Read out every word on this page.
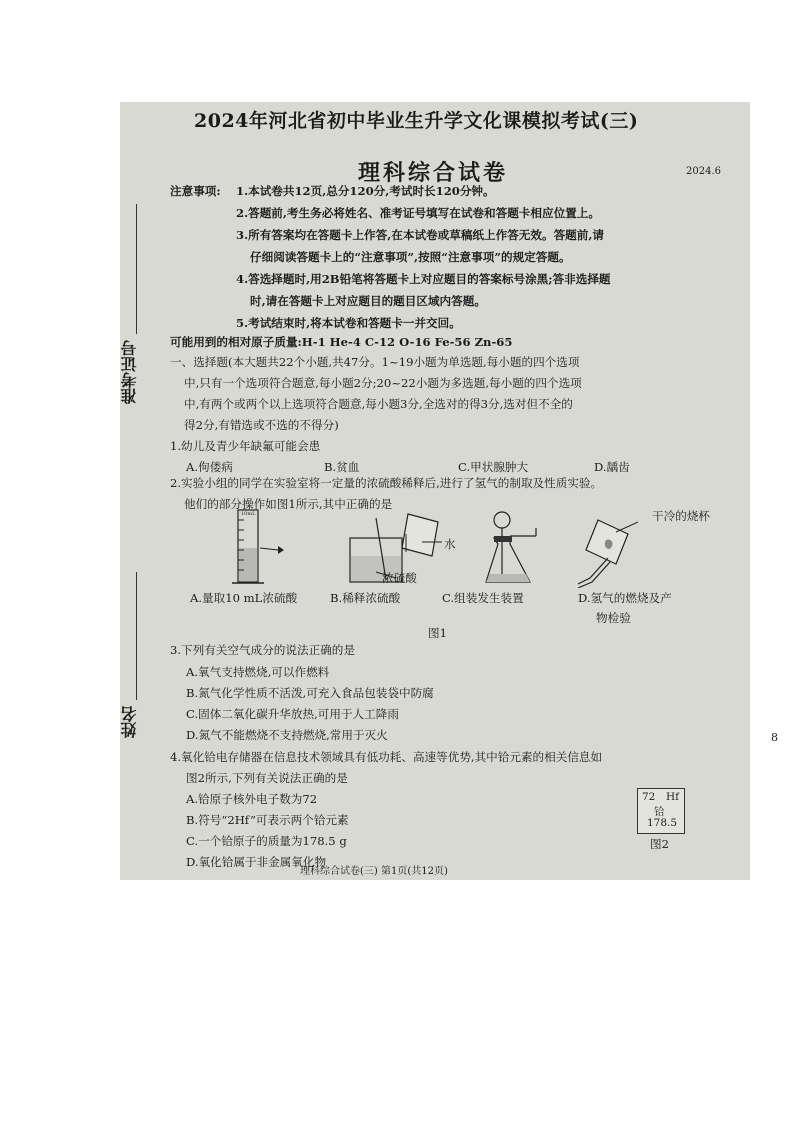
2024年河北省初中毕业生升学文化课模拟考试(三)
理科综合试卷	2024.6
准考证号
姓名
注意事项: 1.本试卷共12页,总分120分,考试时长120分钟。
2.答题前,考生务必将姓名、准考证号填写在试卷和答题卡相应位置上。
3.所有答案均在答题卡上作答,在本试卷或草稿纸上作答无效。答题前,请
仔细阅读答题卡上的“注意事项”,按照“注意事项”的规定答题。
4.答选择题时,用2B铅笔将答题卡上对应题目的答案标号涂黑;答非选择题
时,请在答题卡上对应题目的题目区域内答题。
5.考试结束时,将本试卷和答题卡一并交回。
可能用到的相对原子质量:H-1 He-4 C-12 O-16 Fe-56 Zn-65
一、选择题(本大题共22个小题,共47分。1~19小题为单选题,每小题的四个选项
中,只有一个选项符合题意,每小题2分;20~22小题为多选题,每小题的四个选项
中,有两个或两个以上选项符合题意,每小题3分,全选对的得3分,选对但不全的
得2分,有错选或不选的不得分)
1.幼儿及青少年缺氟可能会患
A.佝偻病	B.贫血	C.甲状腺肿大	D.龋齿
2.实验小组的同学在实验室将一定量的浓硫酸稀释后,进行了氢气的制取及性质实验。
他们的部分操作如图1所示,其中正确的是
10mL
水
浓硫酸
干冷的烧杯
A.量取10 mL浓硫酸	B.稀释浓硫酸	C.组装发生装置	D.氢气的燃烧及产
物检验
图1
3.下列有关空气成分的说法正确的是
A.氧气支持燃烧,可以作燃料
B.氮气化学性质不活泼,可充入食品包装袋中防腐
C.固体二氧化碳升华放热,可用于人工降雨
D.氮气不能燃烧不支持燃烧,常用于灭火
4.氧化铪电存储器在信息技术领域具有低功耗、高速等优势,其中铪元素的相关信息如
图2所示,下列有关说法正确的是
A.铪原子核外电子数为72
B.符号“2Hf”可表示两个铪元素
C.一个铪原子的质量为178.5 g
D.氧化铪属于非金属氧化物
72 Hf
铪
178.5
图2
理科综合试卷(三) 第1页(共12页)
8
